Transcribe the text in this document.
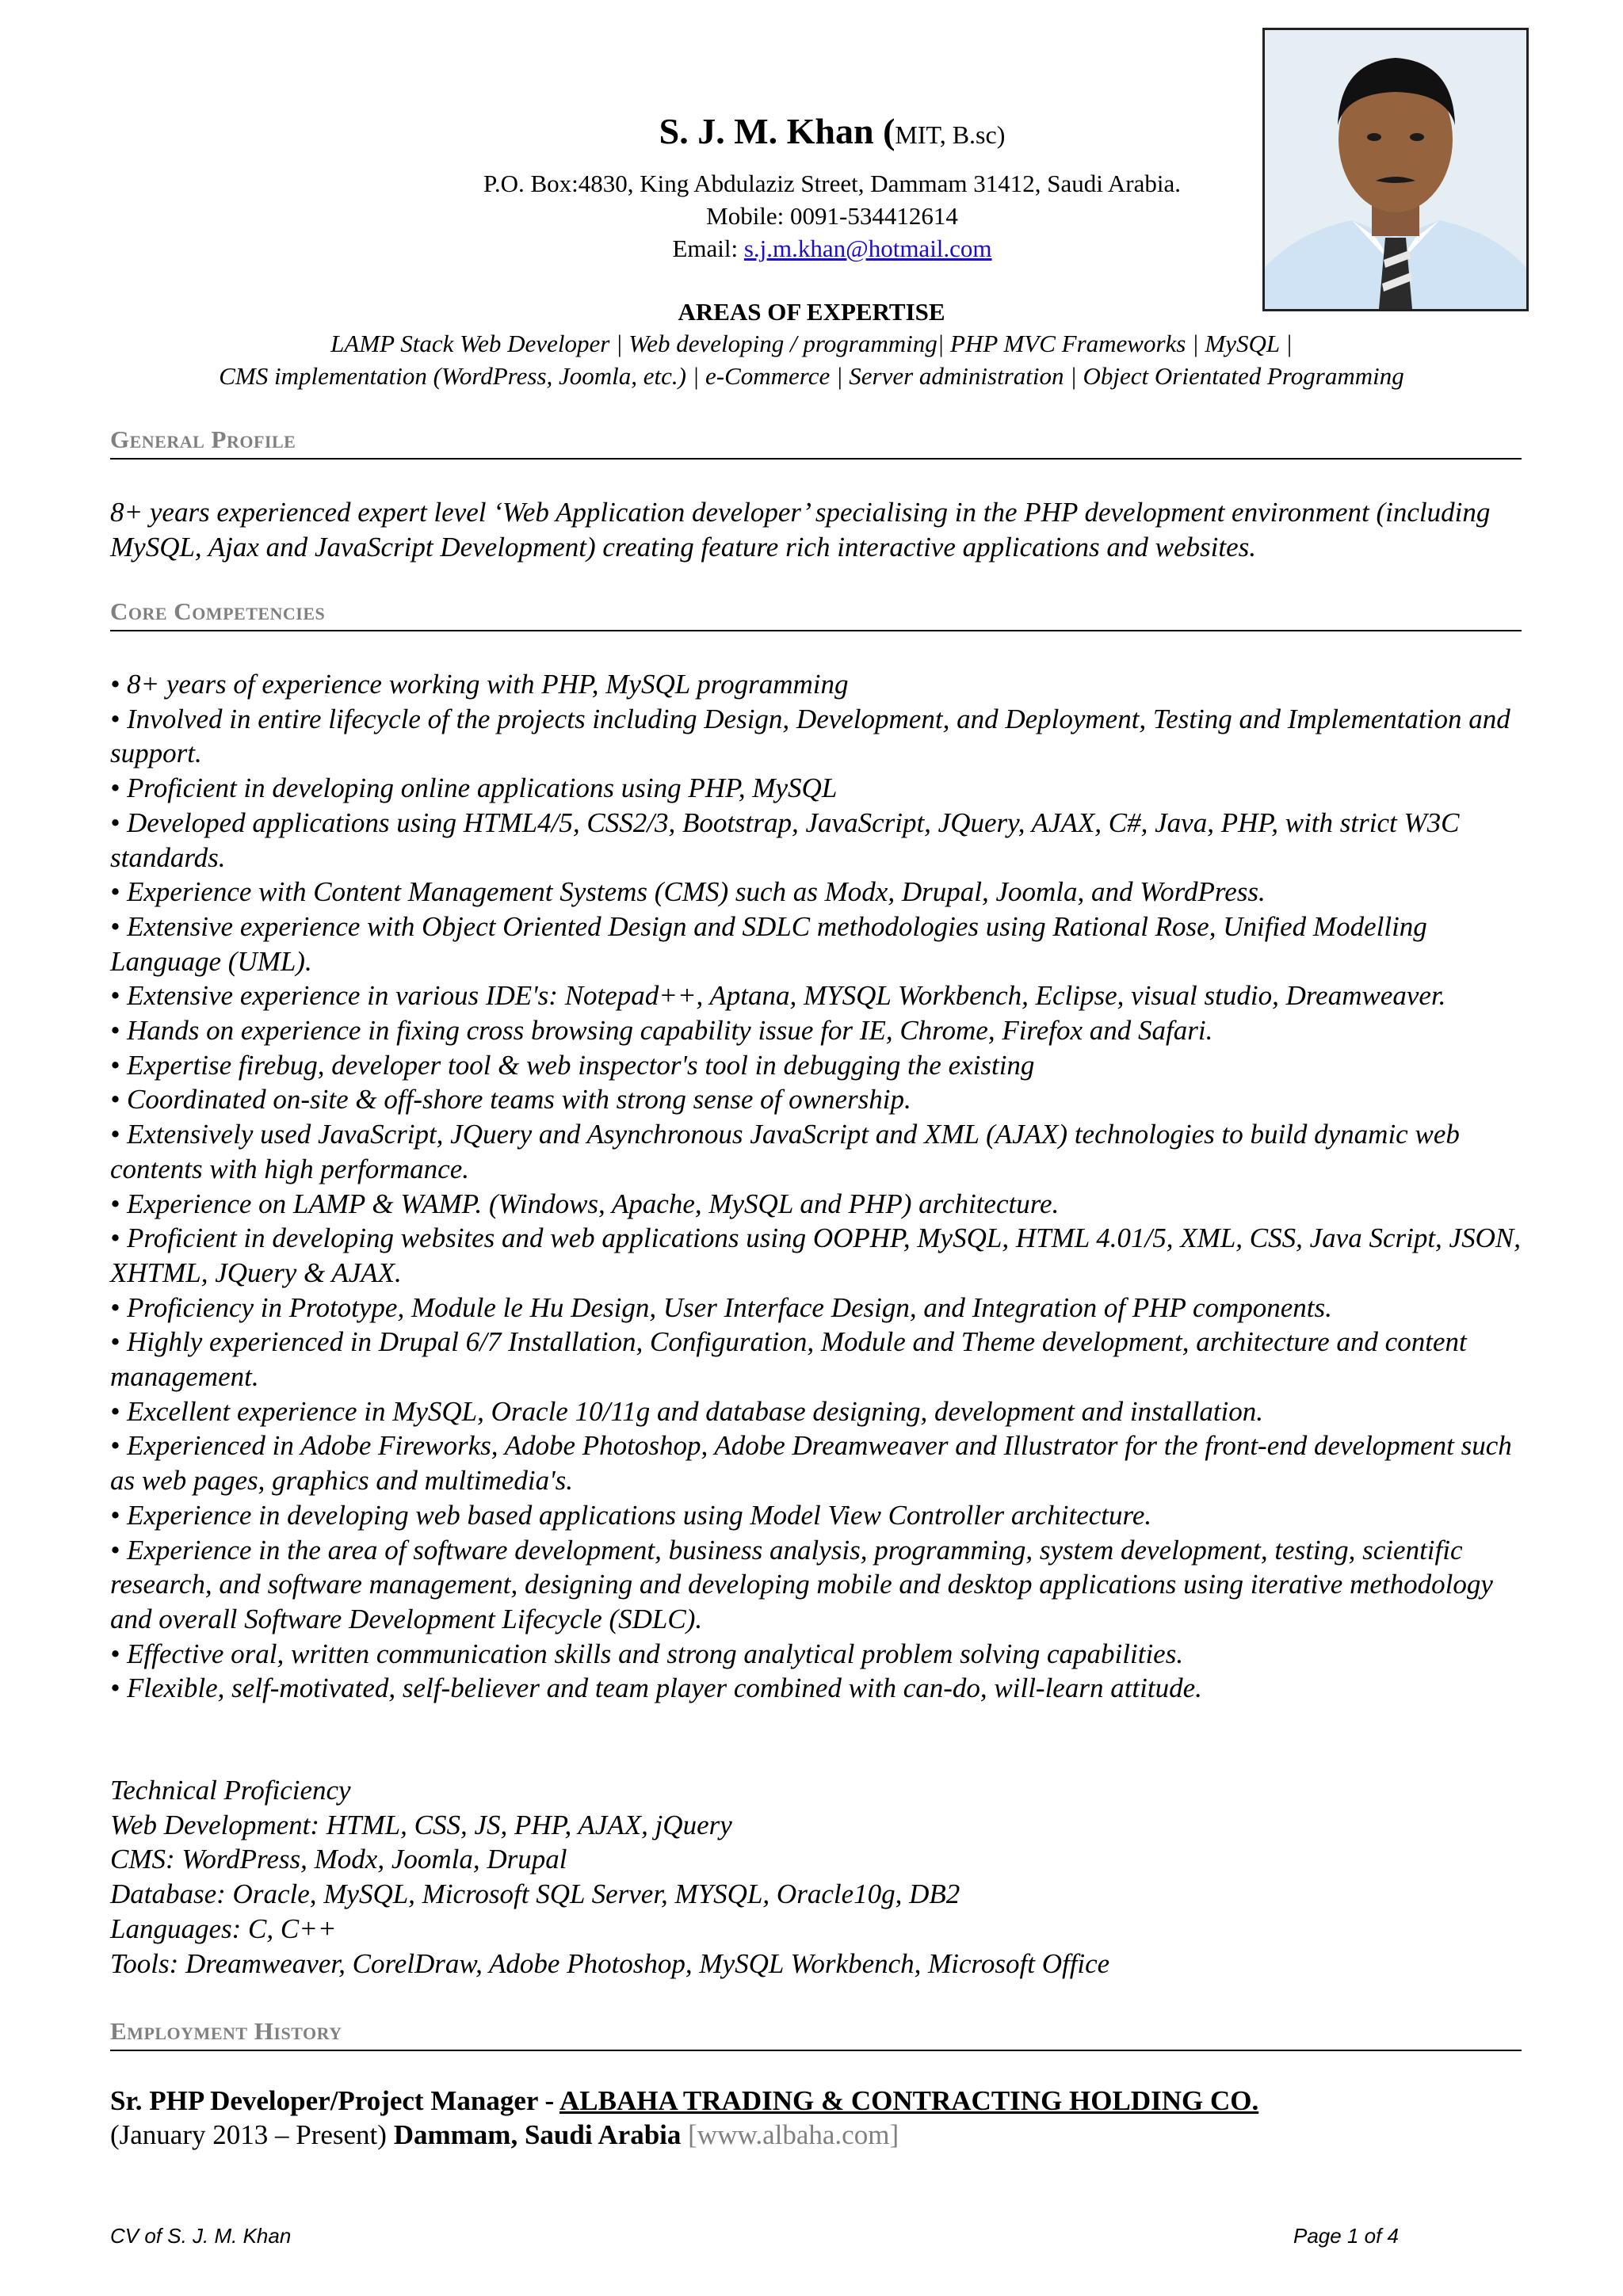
S. J. M. Khan (MIT, B.sc)
P.O. Box:4830, King Abdulaziz Street, Dammam 31412, Saudi Arabia.
Mobile: 0091-534412614
Email: s.j.m.khan@hotmail.com
AREAS OF EXPERTISE
LAMP Stack Web Developer | Web developing / programming| PHP MVC Frameworks | MySQL |
CMS implementation (WordPress, Joomla, etc.) | e-Commerce | Server administration | Object Orientated Programming
General Profile

8+ years experienced expert level ‘Web Application developer’ specialising in the PHP development environment (including MySQL, Ajax and JavaScript Development) creating feature rich interactive applications and websites.

Core Competencies

• 8+ years of experience working with PHP, MySQL programming

• Involved in entire lifecycle of the projects including Design, Development, and Deployment, Testing and Implementation and support.

• Proficient in developing online applications using PHP, MySQL

• Developed applications using HTML4/5, CSS2/3, Bootstrap, JavaScript, JQuery, AJAX, C#, Java, PHP, with strict W3C standards.

• Experience with Content Management Systems (CMS) such as Modx, Drupal, Joomla, and WordPress.

• Extensive experience with Object Oriented Design and SDLC methodologies using Rational Rose, Unified Modelling Language (UML).

• Extensive experience in various IDE's: Notepad++, Aptana, MYSQL Workbench, Eclipse, visual studio, Dreamweaver.

• Hands on experience in fixing cross browsing capability issue for IE, Chrome, Firefox and Safari.

• Expertise firebug, developer tool & web inspector's tool in debugging the existing

• Coordinated on-site & off-shore teams with strong sense of ownership.

• Extensively used JavaScript, JQuery and Asynchronous JavaScript and XML (AJAX) technologies to build dynamic web contents with high performance.

• Experience on LAMP & WAMP. (Windows, Apache, MySQL and PHP) architecture.

• Proficient in developing websites and web applications using OOPHP, MySQL, HTML 4.01/5, XML, CSS, Java Script, JSON, XHTML, JQuery & AJAX.

• Proficiency in Prototype, Module le Hu Design, User Interface Design, and Integration of PHP components.

• Highly experienced in Drupal 6/7 Installation, Configuration, Module and Theme development, architecture and content management.

• Excellent experience in MySQL, Oracle 10/11g and database designing, development and installation.

• Experienced in Adobe Fireworks, Adobe Photoshop, Adobe Dreamweaver and Illustrator for the front-end development such as web pages, graphics and multimedia's.

• Experience in developing web based applications using Model View Controller architecture.

• Experience in the area of software development, business analysis, programming, system development, testing, scientific research, and software management, designing and developing mobile and desktop applications using iterative methodology and overall Software Development Lifecycle (SDLC).

• Effective oral, written communication skills and strong analytical problem solving capabilities.

• Flexible, self-motivated, self-believer and team player combined with can-do, will-learn attitude.

Technical Proficiency

Web Development: HTML, CSS, JS, PHP, AJAX, jQuery

CMS: WordPress, Modx, Joomla, Drupal

Database: Oracle, MySQL, Microsoft SQL Server, MYSQL, Oracle10g, DB2

Languages: C, C++

Tools: Dreamweaver, CorelDraw, Adobe Photoshop, MySQL Workbench, Microsoft Office

Employment History
Sr. PHP Developer/Project Manager - ALBAHA TRADING & CONTRACTING HOLDING CO.
(January 2013 – Present) Dammam, Saudi Arabia [www.albaha.com]
CV of S. J. M. Khan	Page 1 of 4
